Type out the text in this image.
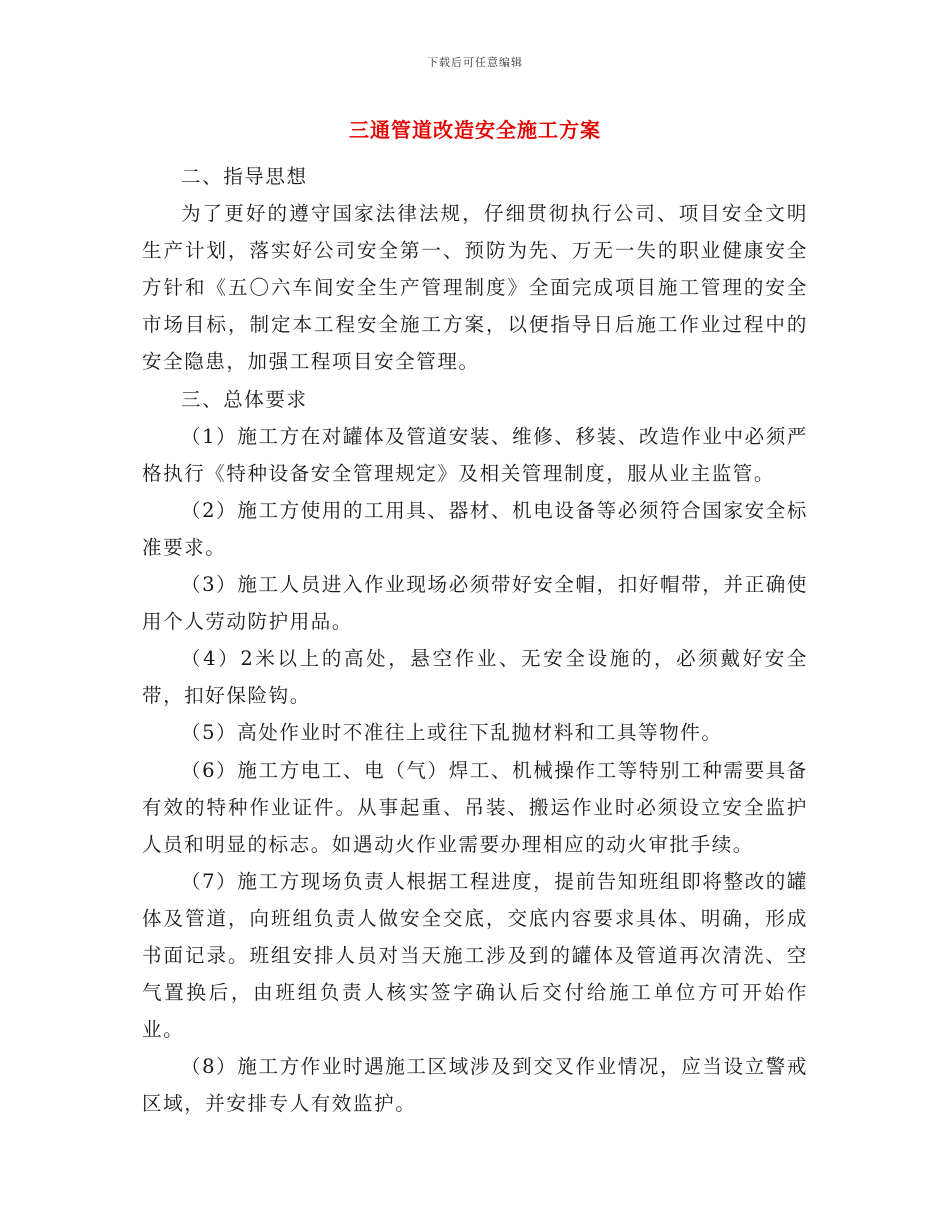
下载后可任意编辑
三通管道改造安全施工方案

二、指导思想

为了更好的遵守国家法律法规，仔细贯彻执行公司、项目安全文明生产计划，落实好公司安全第一、预防为先、万无一失的职业健康安全方针和《五〇六车间安全生产管理制度》全面完成项目施工管理的安全市场目标，制定本工程安全施工方案，以便指导日后施工作业过程中的安全隐患，加强工程项目安全管理。

三、总体要求

（1）施工方在对罐体及管道安装、维修、移装、改造作业中必须严格执行《特种设备安全管理规定》及相关管理制度，服从业主监管。

（2）施工方使用的工用具、器材、机电设备等必须符合国家安全标准要求。

（3）施工人员进入作业现场必须带好安全帽，扣好帽带，并正确使用个人劳动防护用品。

（4）2米以上的高处，悬空作业、无安全设施的，必须戴好安全带，扣好保险钩。

（5）高处作业时不准往上或往下乱抛材料和工具等物件。

（6）施工方电工、电（气）焊工、机械操作工等特别工种需要具备有效的特种作业证件。从事起重、吊装、搬运作业时必须设立安全监护人员和明显的标志。如遇动火作业需要办理相应的动火审批手续。

（7）施工方现场负责人根据工程进度，提前告知班组即将整改的罐体及管道，向班组负责人做安全交底，交底内容要求具体、明确，形成书面记录。班组安排人员对当天施工涉及到的罐体及管道再次清洗、空气置换后，由班组负责人核实签字确认后交付给施工单位方可开始作业。

（8）施工方作业时遇施工区域涉及到交叉作业情况，应当设立警戒区域，并安排专人有效监护。
